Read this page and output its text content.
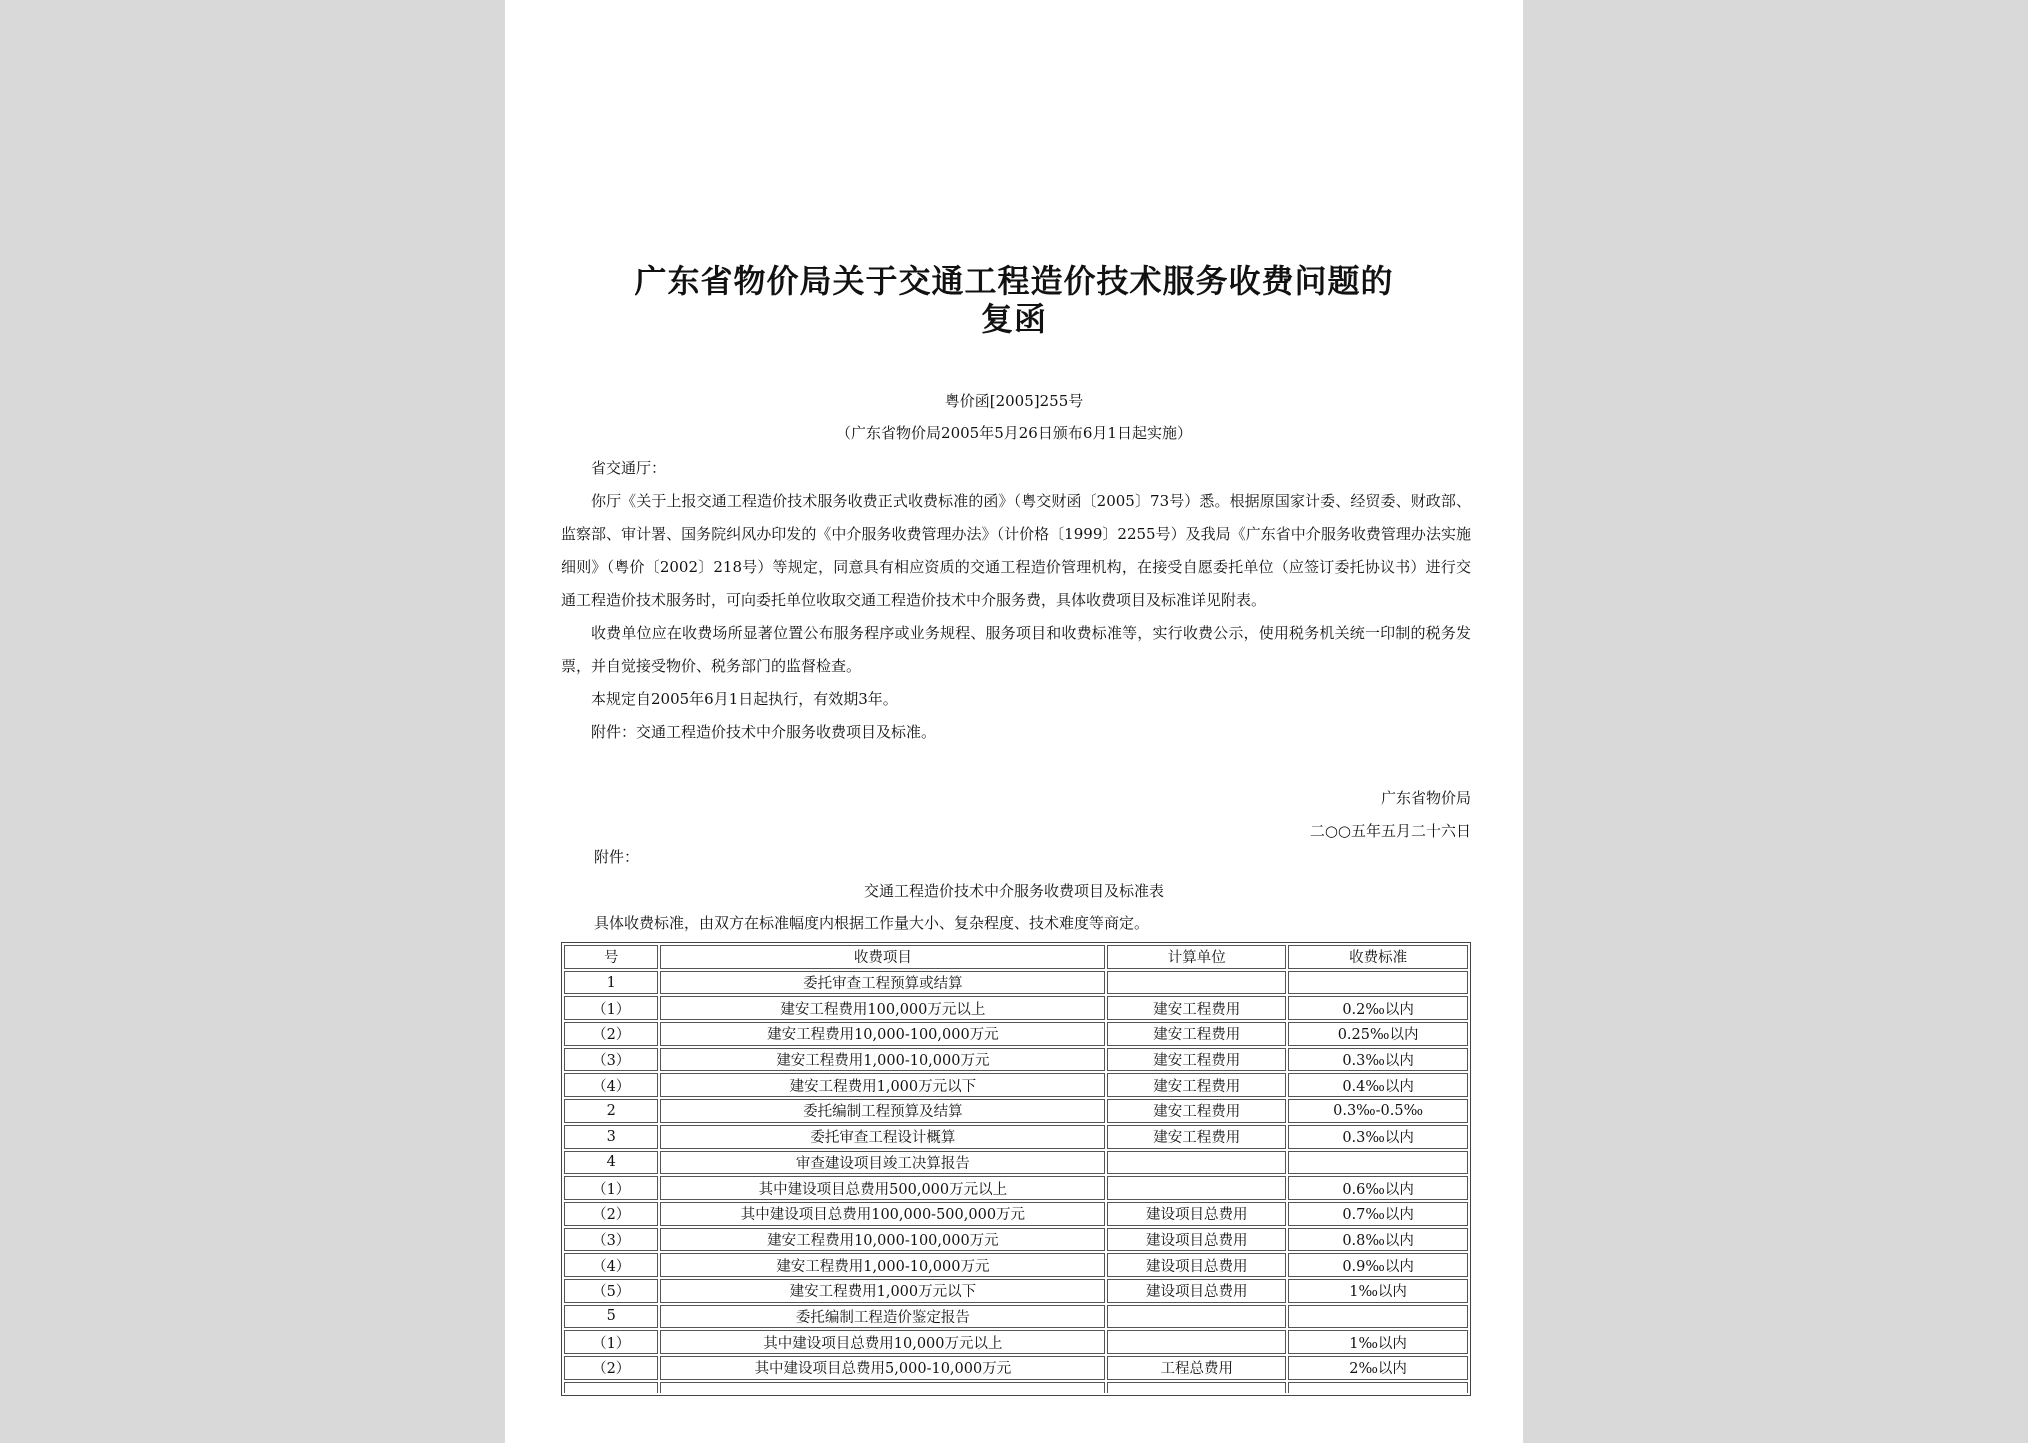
广东省物价局关于交通工程造价技术服务收费问题的
复函
粤价函[2005]255号
（广东省物价局2005年5月26日颁布6月1日起实施）

省交通厅：

你厅《关于上报交通工程造价技术服务收费正式收费标准的函》（粤交财函〔2005〕73号）悉。根据原国家计委、经贸委、财政部、监察部、审计署、国务院纠风办印发的《中介服务收费管理办法》（计价格〔1999〕2255号）及我局《广东省中介服务收费管理办法实施细则》（粤价〔2002〕218号）等规定，同意具有相应资质的交通工程造价管理机构，在接受自愿委托单位（应签订委托协议书）进行交通工程造价技术服务时，可向委托单位收取交通工程造价技术中介服务费，具体收费项目及标准详见附表。

收费单位应在收费场所显著位置公布服务程序或业务规程、服务项目和收费标准等，实行收费公示，使用税务机关统一印制的税务发票，并自觉接受物价、税务部门的监督检查。

本规定自2005年6月1日起执行，有效期3年。

附件：交通工程造价技术中介服务收费项目及标准。

广东省物价局
二○○五年五月二十六日
附件：
交通工程造价技术中介服务收费项目及标准表
具体收费标准，由双方在标准幅度内根据工作量大小、复杂程度、技术难度等商定。
号	收费项目	计算单位	收费标准
1	委托审查工程预算或结算		
（1）	建安工程费用100,000万元以上	建安工程费用	0.2‰以内
（2）	建安工程费用10,000-100,000万元	建安工程费用	0.25‰以内
（3）	建安工程费用1,000-10,000万元	建安工程费用	0.3‰以内
（4）	建安工程费用1,000万元以下	建安工程费用	0.4‰以内
2	委托编制工程预算及结算	建安工程费用	0.3‰-0.5‰
3	委托审查工程设计概算	建安工程费用	0.3‰以内
4	审查建设项目竣工决算报告		
（1）	其中建设项目总费用500,000万元以上		0.6‰以内
（2）	其中建设项目总费用100,000-500,000万元	建设项目总费用	0.7‰以内
（3）	建安工程费用10,000-100,000万元	建设项目总费用	0.8‰以内
（4）	建安工程费用1,000-10,000万元	建设项目总费用	0.9‰以内
（5）	建安工程费用1,000万元以下	建设项目总费用	1‰以内
5	委托编制工程造价鉴定报告		
（1）	其中建设项目总费用10,000万元以上		1‰以内
（2）	其中建设项目总费用5,000-10,000万元	工程总费用	2‰以内
